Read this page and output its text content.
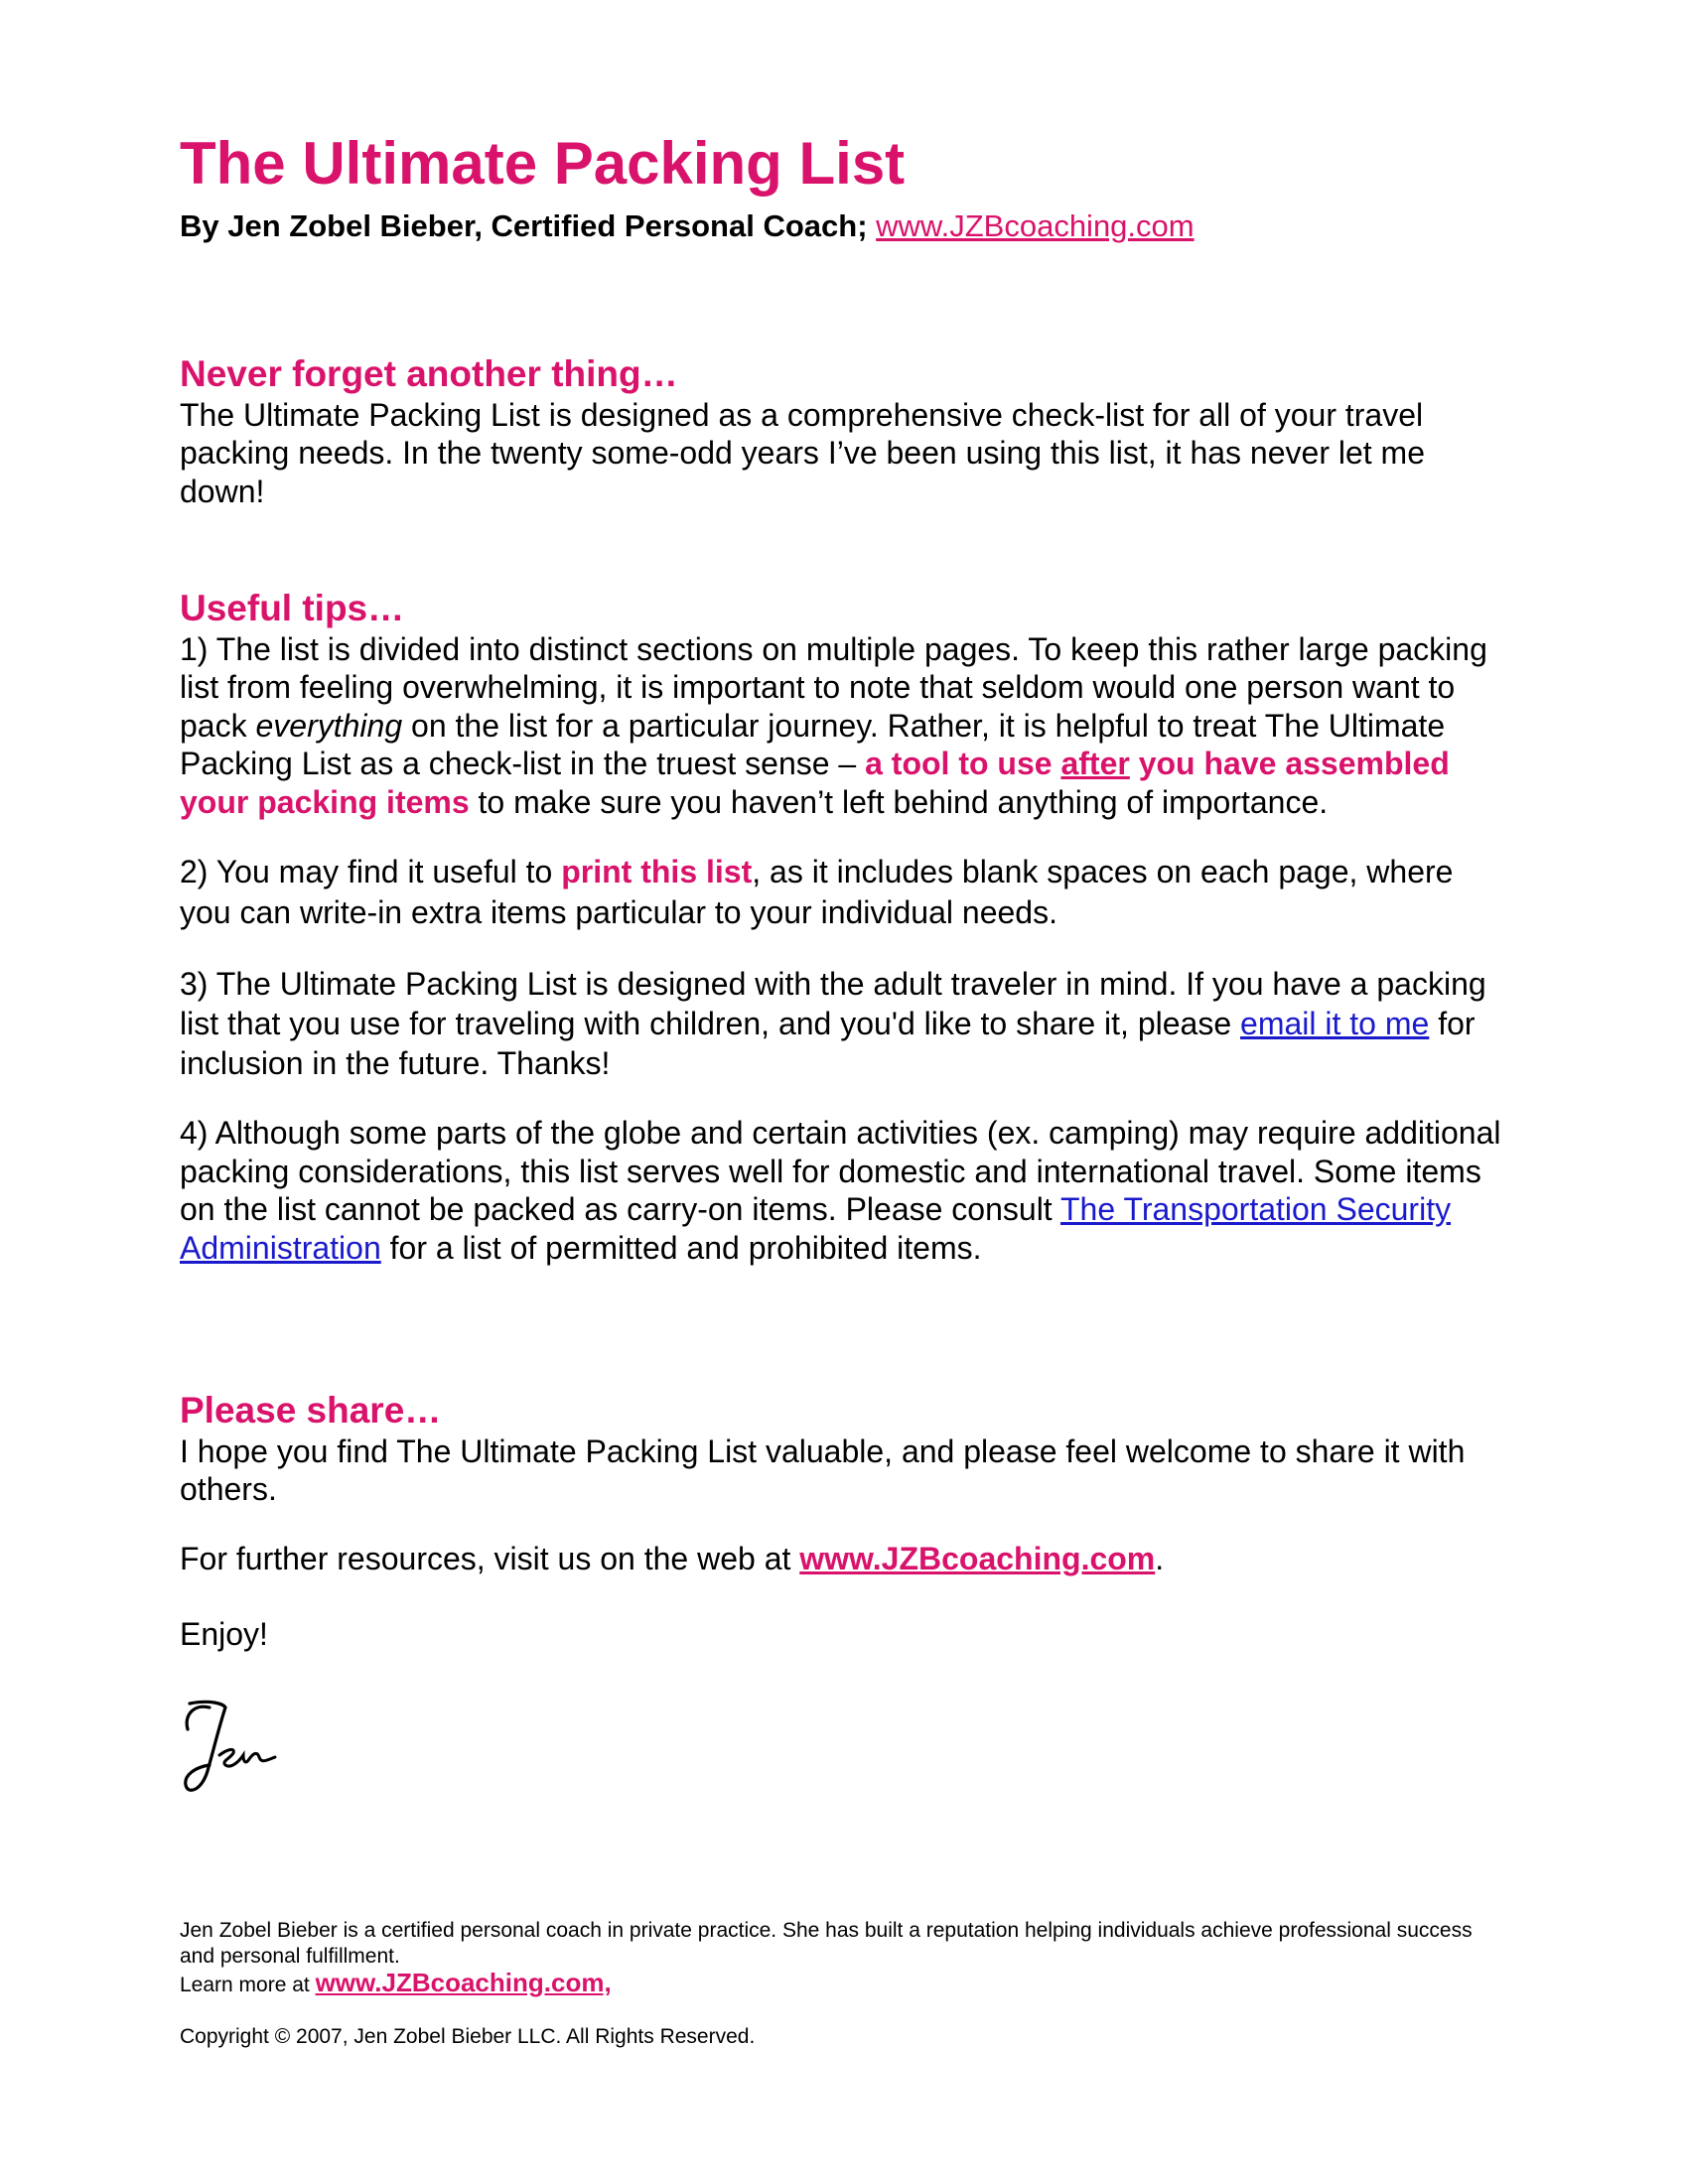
The Ultimate Packing List
By Jen Zobel Bieber, Certified Personal Coach; www.JZBcoaching.com
Never forget another thing…

The Ultimate Packing List is designed as a comprehensive check-list for all of your travel packing needs. In the twenty some-odd years I’ve been using this list, it has never let me down!

Useful tips…

1) The list is divided into distinct sections on multiple pages. To keep this rather large packing list from feeling overwhelming, it is important to note that seldom would one person want to pack everything on the list for a particular journey. Rather, it is helpful to treat The Ultimate Packing List as a check-list in the truest sense – a tool to use after you have assembled your packing items to make sure you haven’t left behind anything of importance.

2) You may find it useful to print this list, as it includes blank spaces on each page, where you can write-in extra items particular to your individual needs.

3) The Ultimate Packing List is designed with the adult traveler in mind. If you have a packing list that you use for traveling with children, and you'd like to share it, please email it to me for inclusion in the future. Thanks!

4) Although some parts of the globe and certain activities (ex. camping) may require additional packing considerations, this list serves well for domestic and international travel. Some items on the list cannot be packed as carry-on items. Please consult The Transportation Security Administration for a list of permitted and prohibited items.

Please share…

I hope you find The Ultimate Packing List valuable, and please feel welcome to share it with others.

For further resources, visit us on the web at www.JZBcoaching.com.

Enjoy!

Jen Zobel Bieber is a certified personal coach in private practice. She has built a reputation helping individuals achieve professional success and personal fulfillment.
Learn more at www.JZBcoaching.com,
Copyright © 2007, Jen Zobel Bieber LLC. All Rights Reserved.
